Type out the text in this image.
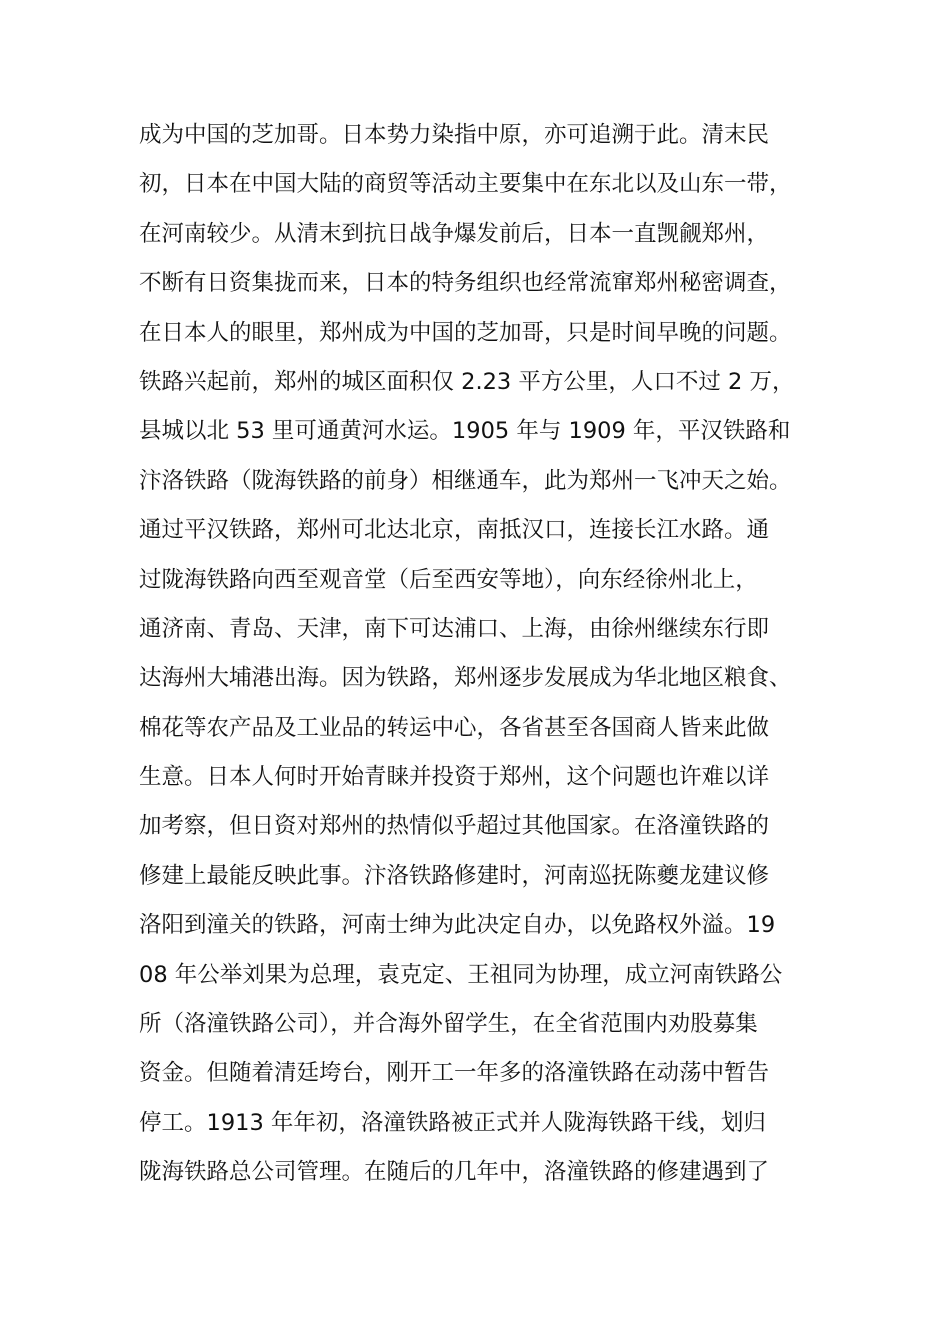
成为中国的芝加哥。日本势力染指中原，亦可追溯于此。清末民
初，日本在中国大陆的商贸等活动主要集中在东北以及山东一带，
在河南较少。从清末到抗日战争爆发前后，日本一直觊觎郑州，
不断有日资集拢而来，日本的特务组织也经常流窜郑州秘密调查，
在日本人的眼里，郑州成为中国的芝加哥，只是时间早晚的问题。
铁路兴起前，郑州的城区面积仅 2.23 平方公里，人口不过 2 万，
县城以北 53 里可通黄河水运。1905 年与 1909 年，平汉铁路和
汴洛铁路（陇海铁路的前身）相继通车，此为郑州一飞冲天之始。
通过平汉铁路，郑州可北达北京，南抵汉口，连接长江水路。通
过陇海铁路向西至观音堂（后至西安等地），向东经徐州北上，
通济南、青岛、天津，南下可达浦口、上海，由徐州继续东行即
达海州大埔港出海。因为铁路，郑州逐步发展成为华北地区粮食、
棉花等农产品及工业品的转运中心，各省甚至各国商人皆来此做
生意。日本人何时开始青睐并投资于郑州，这个问题也许难以详
加考察，但日资对郑州的热情似乎超过其他国家。在洛潼铁路的
修建上最能反映此事。汴洛铁路修建时，河南巡抚陈夔龙建议修
洛阳到潼关的铁路，河南士绅为此决定自办，以免路权外溢。19
08 年公举刘果为总理，袁克定、王祖同为协理，成立河南铁路公
所（洛潼铁路公司），并合海外留学生，在全省范围内劝股募集
资金。但随着清廷垮台，刚开工一年多的洛潼铁路在动荡中暂告
停工。1913 年年初，洛潼铁路被正式并人陇海铁路干线，划归
陇海铁路总公司管理。在随后的几年中，洛潼铁路的修建遇到了
